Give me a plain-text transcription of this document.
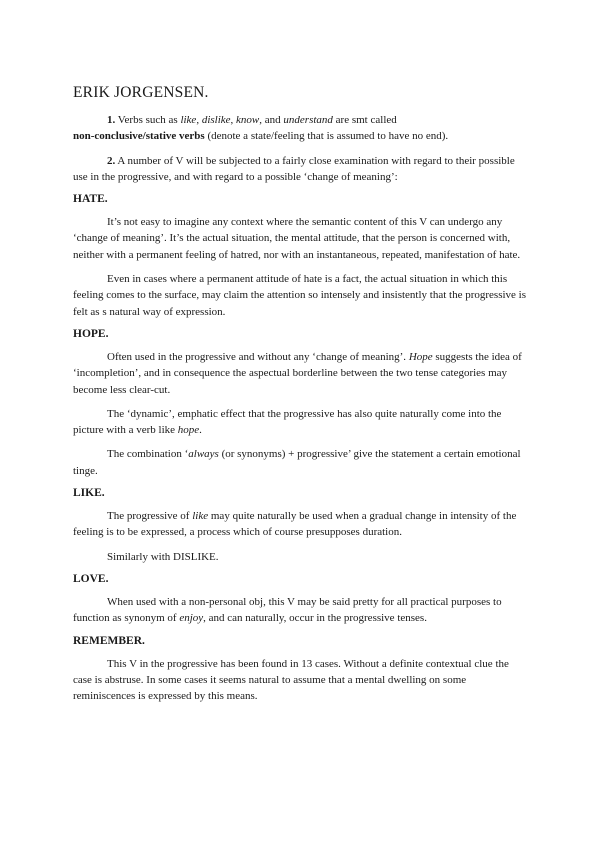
ERIK JORGENSEN.

1. Verbs such as like, dislike, know, and understand are smt called
non-conclusive/stative verbs (denote a state/feeling that is assumed to have no end).

2. A number of V will be subjected to a fairly close examination with regard to their possible use in the progressive, and with regard to a possible ‘change of meaning’:

HATE.

It’s not easy to imagine any context where the semantic content of this V can undergo any ‘change of meaning’. It’s the actual situation, the mental attitude, that the person is concerned with, neither with a permanent feeling of hatred, nor with an instantaneous, repeated, manifestation of hate.

Even in cases where a permanent attitude of hate is a fact, the actual situation in which this feeling comes to the surface, may claim the attention so intensely and insistently that the progressive is felt as s natural way of expression.

HOPE.

Often used in the progressive and without any ‘change of meaning’. Hope suggests the idea of ‘incompletion’, and in consequence the aspectual borderline between the two tense categories may become less clear-cut.

The ‘dynamic’, emphatic effect that the progressive has also quite naturally come into the picture with a verb like hope.

The combination ‘always (or synonyms) + progressive’ give the statement a certain emotional tinge.

LIKE.

The progressive of like may quite naturally be used when a gradual change in intensity of the feeling is to be expressed, a process which of course presupposes duration.

Similarly with DISLIKE.

LOVE.

When used with a non-personal obj, this V may be said pretty for all practical purposes to function as synonym of enjoy, and can naturally, occur in the progressive tenses.

REMEMBER.

This V in the progressive has been found in 13 cases. Without a definite contextual clue the case is abstruse. In some cases it seems natural to assume that a mental dwelling on some reminiscences is expressed by this means.
